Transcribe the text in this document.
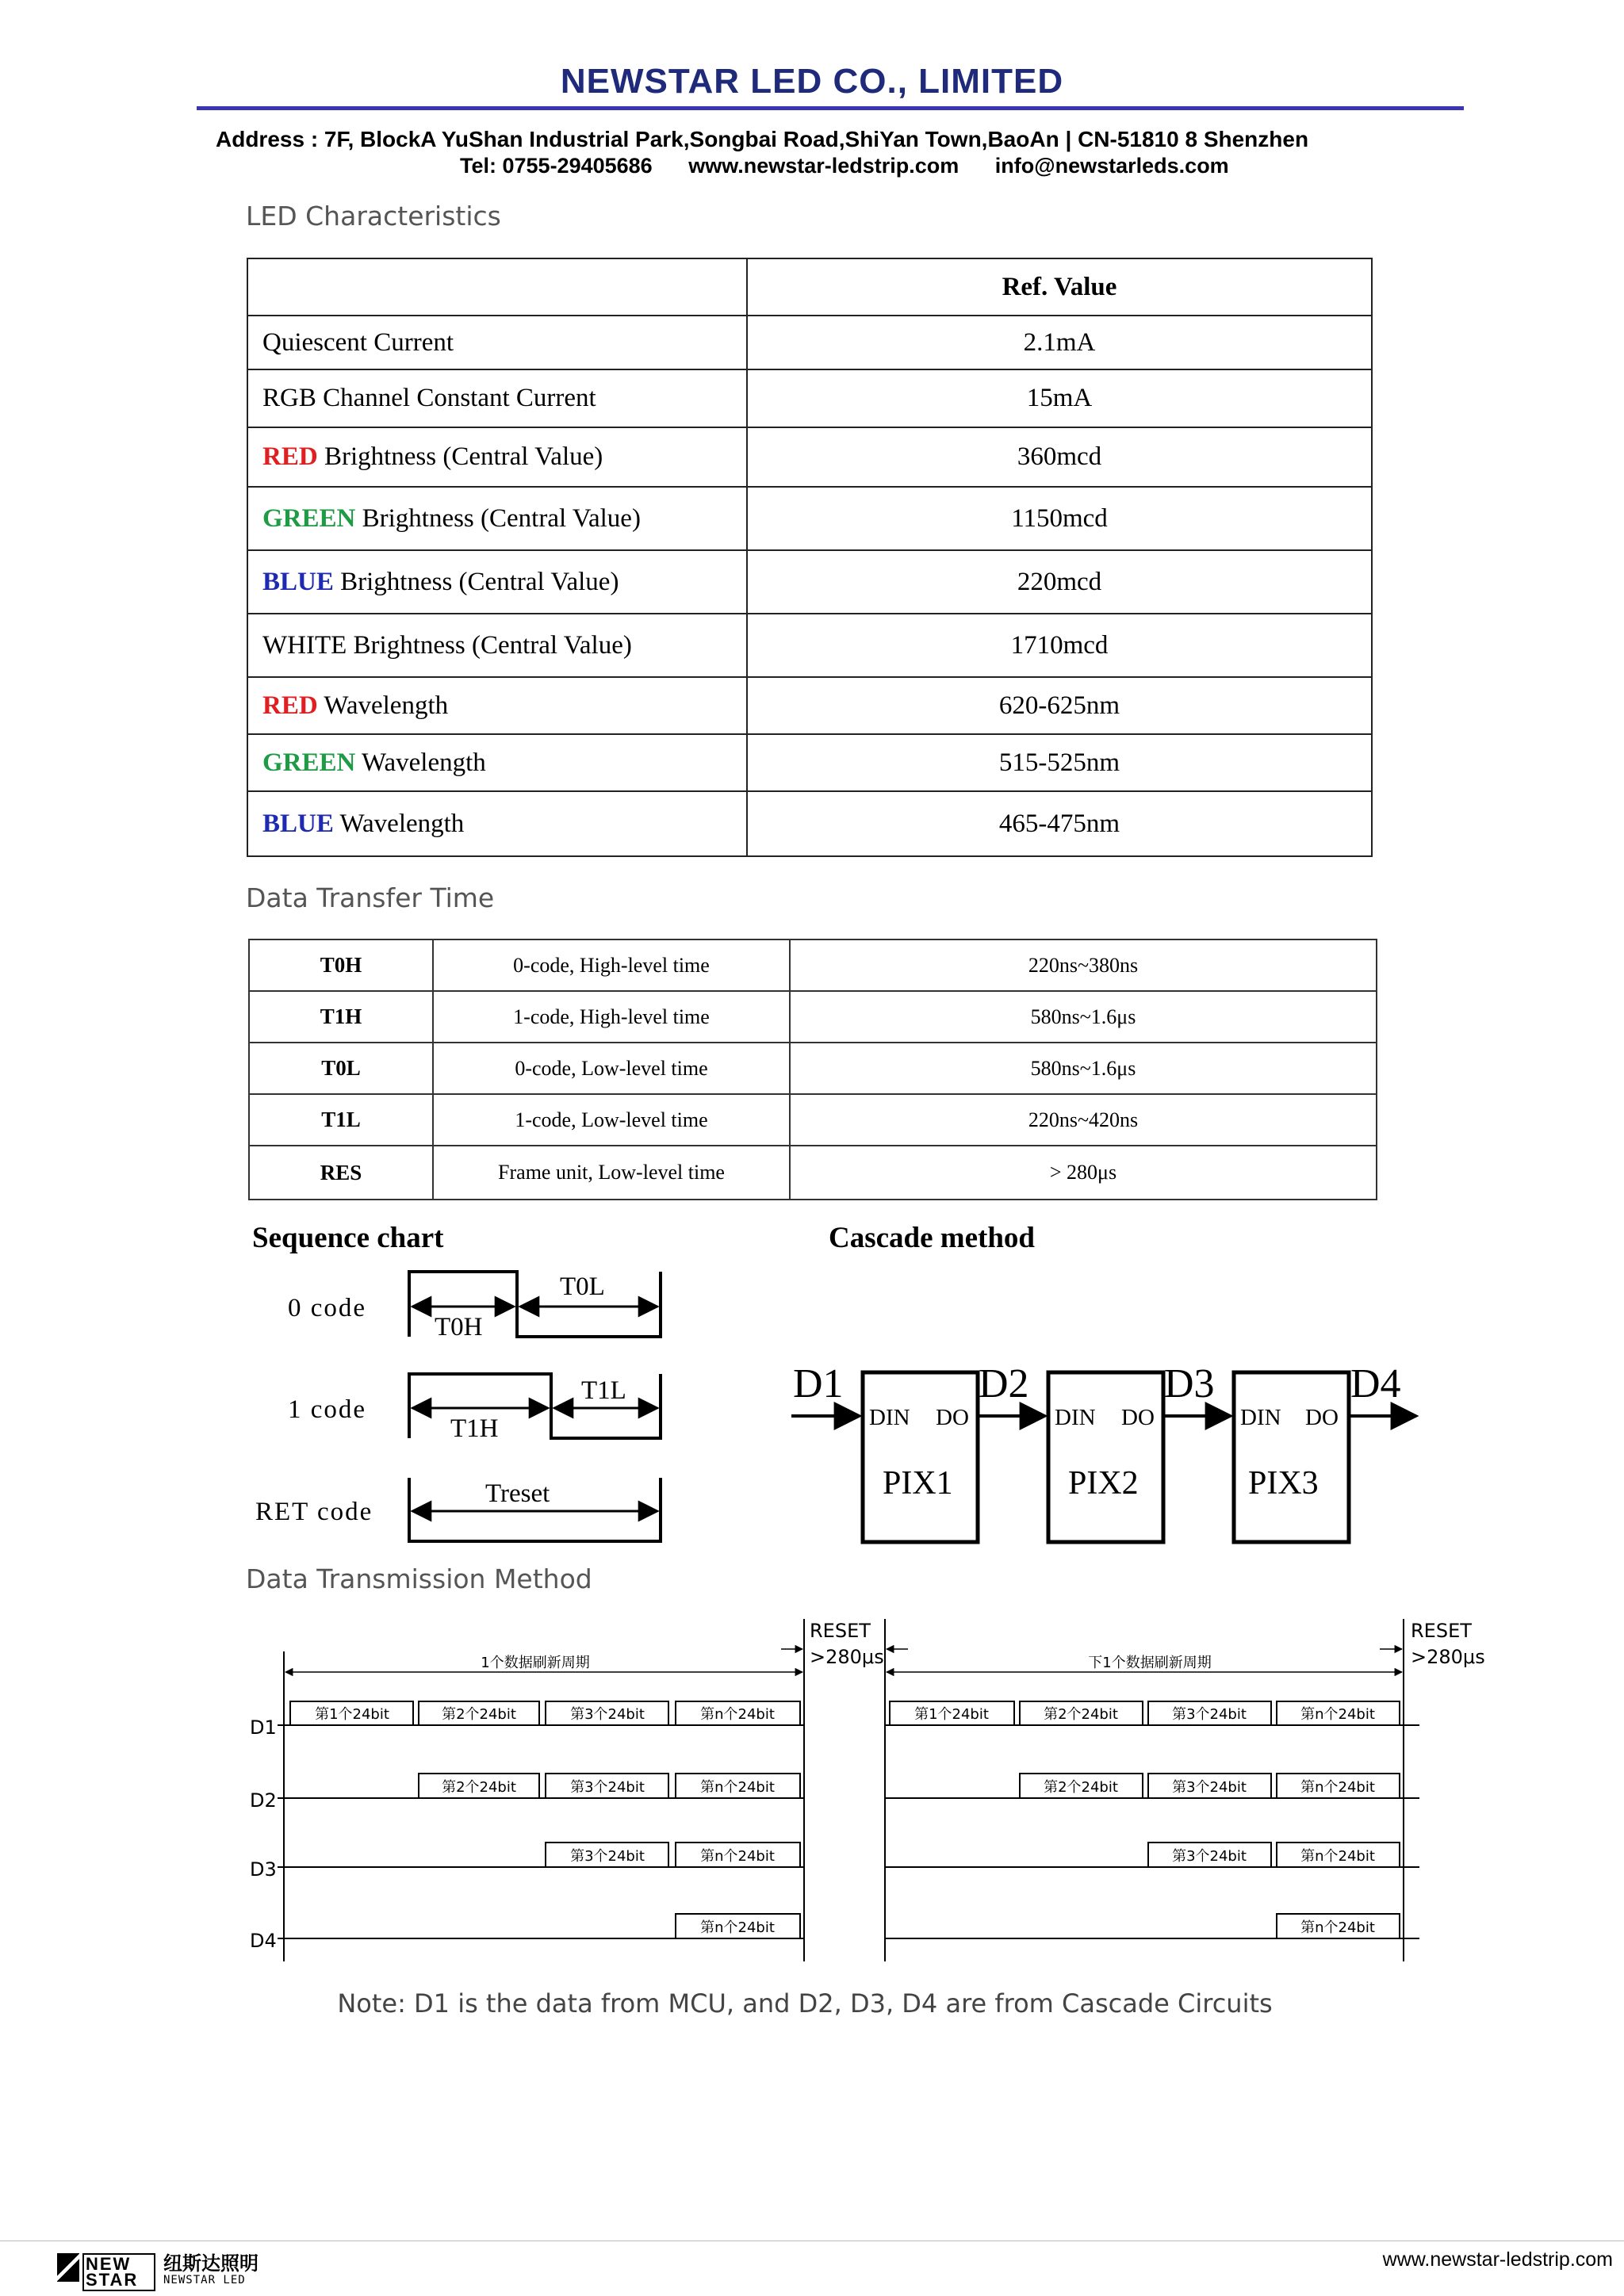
NEWSTAR LED CO., LIMITED
Address : 7F, BlockA YuShan Industrial Park,Songbai Road,ShiYan Town,BaoAn | CN-51810 8 Shenzhen
Tel: 0755-29405686 www.newstar-ledstrip.com info@newstarleds.com
LED Characteristics
	Ref. Value
Quiescent Current	2.1mA
RGB Channel Constant Current	15mA
RED Brightness (Central Value)	360mcd
GREEN Brightness (Central Value)	1150mcd
BLUE Brightness (Central Value)	220mcd
WHITE Brightness (Central Value)	1710mcd
RED Wavelength	620-625nm
GREEN Wavelength	515-525nm
BLUE Wavelength	465-475nm
Data Transfer Time
T0H	0-code, High-level time	220ns~380ns
T1H	1-code, High-level time	580ns~1.6μs
T0L	0-code, Low-level time	580ns~1.6μs
T1L	1-code, Low-level time	220ns~420ns
RES	Frame unit, Low-level time	> 280μs
Sequence chart	Cascade method
0 code
T0H
T0L
1 code
T1H
T1L
RET code
Treset
D1	D2	D3	D4
DIN DO	DIN DO	DIN DO
PIX1	PIX2	PIX3
Data Transmission Method
1个数据刷新周期	下1个数据刷新周期
RESET
>280μs
RESET
>280μs
D1
D2
D3
D4
第1个24bit	第2个24bit	第3个24bit	第n个24bit	第1个24bit	第2个24bit	第3个24bit	第n个24bit
第2个24bit	第3个24bit	第n个24bit	第2个24bit	第3个24bit	第n个24bit
第3个24bit	第n个24bit	第3个24bit	第n个24bit
第n个24bit	第n个24bit
Note: D1 is the data from MCU, and D2, D3, D4 are from Cascade Circuits
NEW STAR
纽斯达照明
NEWSTAR LED
www.newstar-ledstrip.com
